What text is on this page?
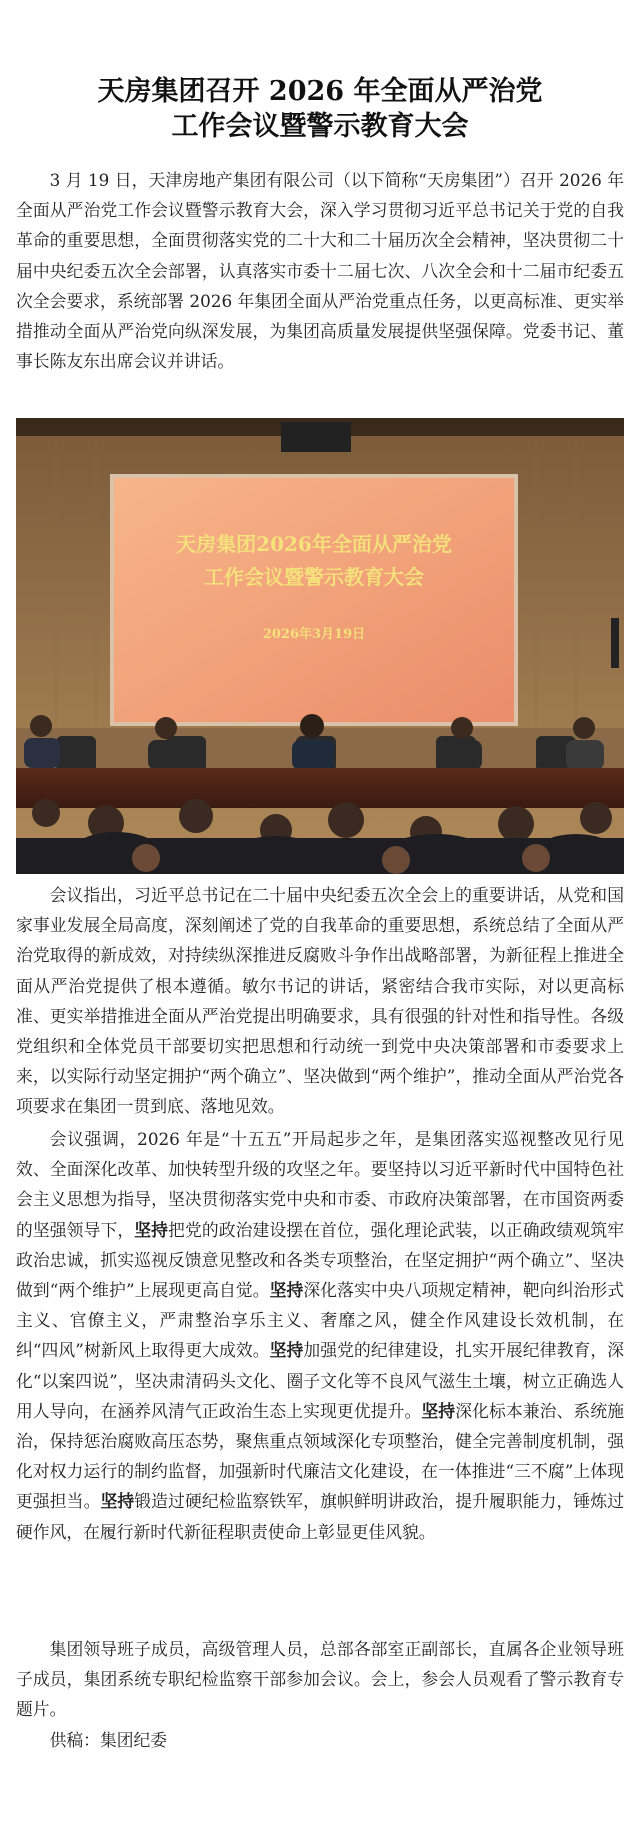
天房集团召开 2026 年全面从严治党
工作会议暨警示教育大会

3 月 19 日，天津房地产集团有限公司（以下简称“天房集团”）召开 2026 年全面从严治党工作会议暨警示教育大会，深入学习贯彻习近平总书记关于党的自我革命的重要思想，全面贯彻落实党的二十大和二十届历次全会精神，坚决贯彻二十届中央纪委五次全会部署，认真落实市委十二届七次、八次全会和十二届市纪委五次全会要求，系统部署 2026 年集团全面从严治党重点任务，以更高标准、更实举措推动全面从严治党向纵深发展，为集团高质量发展提供坚强保障。党委书记、董事长陈友东出席会议并讲话。

天房集团2026年全面从严治党
工作会议暨警示教育大会
2026年3月19日

会议指出，习近平总书记在二十届中央纪委五次全会上的重要讲话，从党和国家事业发展全局高度，深刻阐述了党的自我革命的重要思想，系统总结了全面从严治党取得的新成效，对持续纵深推进反腐败斗争作出战略部署，为新征程上推进全面从严治党提供了根本遵循。敏尔书记的讲话，紧密结合我市实际，对以更高标准、更实举措推进全面从严治党提出明确要求，具有很强的针对性和指导性。各级党组织和全体党员干部要切实把思想和行动统一到党中央决策部署和市委要求上来，以实际行动坚定拥护“两个确立”、坚决做到“两个维护”，推动全面从严治党各项要求在集团一贯到底、落地见效。

会议强调，2026 年是“十五五”开局起步之年，是集团落实巡视整改见行见效、全面深化改革、加快转型升级的攻坚之年。要坚持以习近平新时代中国特色社会主义思想为指导，坚决贯彻落实党中央和市委、市政府决策部署，在市国资两委的坚强领导下，坚持把党的政治建设摆在首位，强化理论武装，以正确政绩观筑牢政治忠诚，抓实巡视反馈意见整改和各类专项整治，在坚定拥护“两个确立”、坚决做到“两个维护”上展现更高自觉。坚持深化落实中央八项规定精神，靶向纠治形式主义、官僚主义，严肃整治享乐主义、奢靡之风，健全作风建设长效机制，在纠“四风”树新风上取得更大成效。坚持加强党的纪律建设，扎实开展纪律教育，深化“以案四说”，坚决肃清码头文化、圈子文化等不良风气滋生土壤，树立正确选人用人导向，在涵养风清气正政治生态上实现更优提升。坚持深化标本兼治、系统施治，保持惩治腐败高压态势，聚焦重点领域深化专项整治，健全完善制度机制，强化对权力运行的制约监督，加强新时代廉洁文化建设，在一体推进“三不腐”上体现更强担当。坚持锻造过硬纪检监察铁军，旗帜鲜明讲政治，提升履职能力，锤炼过硬作风，在履行新时代新征程职责使命上彰显更佳风貌。

集团领导班子成员，高级管理人员，总部各部室正副部长，直属各企业领导班子成员，集团系统专职纪检监察干部参加会议。会上，参会人员观看了警示教育专题片。

供稿：集团纪委
